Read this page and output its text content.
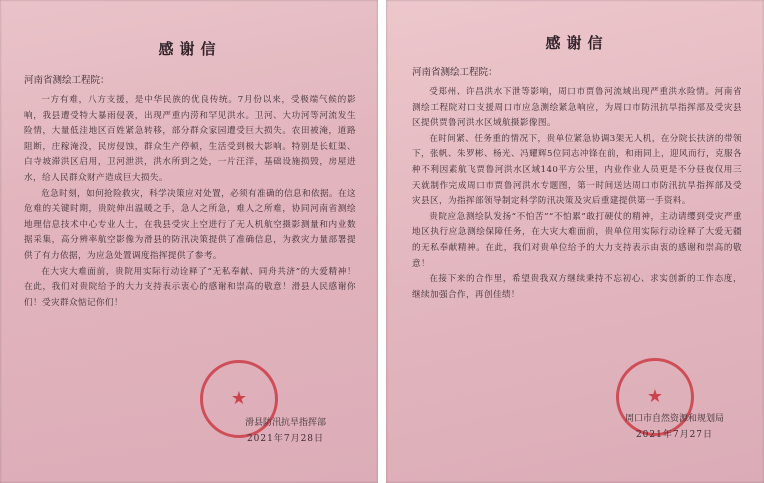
感谢信
河南省测绘工程院：

一方有难，八方支援，是中华民族的优良传统。7月份以来，受极端气候的影响，我县遭受特大暴雨侵袭，出现严重内涝和罕见洪水。卫河、大功河等河流发生险情，大量低洼地区百姓紧急转移，部分群众家园遭受巨大损失。农田被淹，道路阻断，庄稼淹没，民房侵蚀，群众生产停顿，生活受到极大影响。特别是长虹渠、白寺坡滞洪区启用，卫河泄洪，洪水所到之处，一片汪洋，基础设施损毁，房屋进水，给人民群众财产造成巨大损失。

危急时刻，如何抢险救灾，科学决策应对处置，必须有准确的信息和依据。在这危难的关键时期，贵院伸出温暖之手，急人之所急，难人之所难，协同河南省测绘地理信息技术中心专业人士，在我县受灾上空进行了无人机航空摄影测量和内业数据采集，高分辨率航空影像为滑县的防汛决策提供了准确信息，为救灾力量部署提供了有力依据，为应急处置调度指挥提供了参考。

在大灾大难面前，贵院用实际行动诠释了“无私奉献、同舟共济”的大爱精神！在此，我们对贵院给予的大力支持表示衷心的感谢和崇高的敬意！滑县人民感谢你们！受灾群众惦记你们！

★
滑县防汛抗旱指挥部
2021年7月28日
感谢信
河南省测绘工程院：

受郑州、许昌洪水下泄等影响，周口市贾鲁河流域出现严重洪水险情。河南省测绘工程院对口支援周口市应急测绘紧急响应，为周口市防汛抗旱指挥部及受灾县区提供贾鲁河洪水区域航摄影像图。

在时间紧、任务重的情况下，贵单位紧急协调3架无人机，在分院长扶济的带领下，张帆、朱罗彬、杨光、冯耀辉5位同志冲锋在前，和雨同上，迎风而行，克服各种不利因素航飞贾鲁河洪水区域140平方公里，内业作业人员更是不分昼夜仅用三天就制作完成周口市贾鲁河洪水专题图，第一时间送达周口市防汛抗旱指挥部及受灾县区，为指挥部领导制定科学防汛决策及灾后重建提供第一手资料。

贵院应急测绘队发扬“不怕苦”“不怕累”敢打硬仗的精神，主动请缨到受灾严重地区执行应急测绘保障任务，在大灾大难面前，贵单位用实际行动诠释了大爱无疆的无私奉献精神。在此，我们对贵单位给予的大力支持表示由衷的感谢和崇高的敬意！

在接下来的合作里，希望贵我双方继续秉持不忘初心、求实创新的工作态度，继续加强合作，再创佳绩！

★
周口市自然资源和规划局
2021年7月27日
